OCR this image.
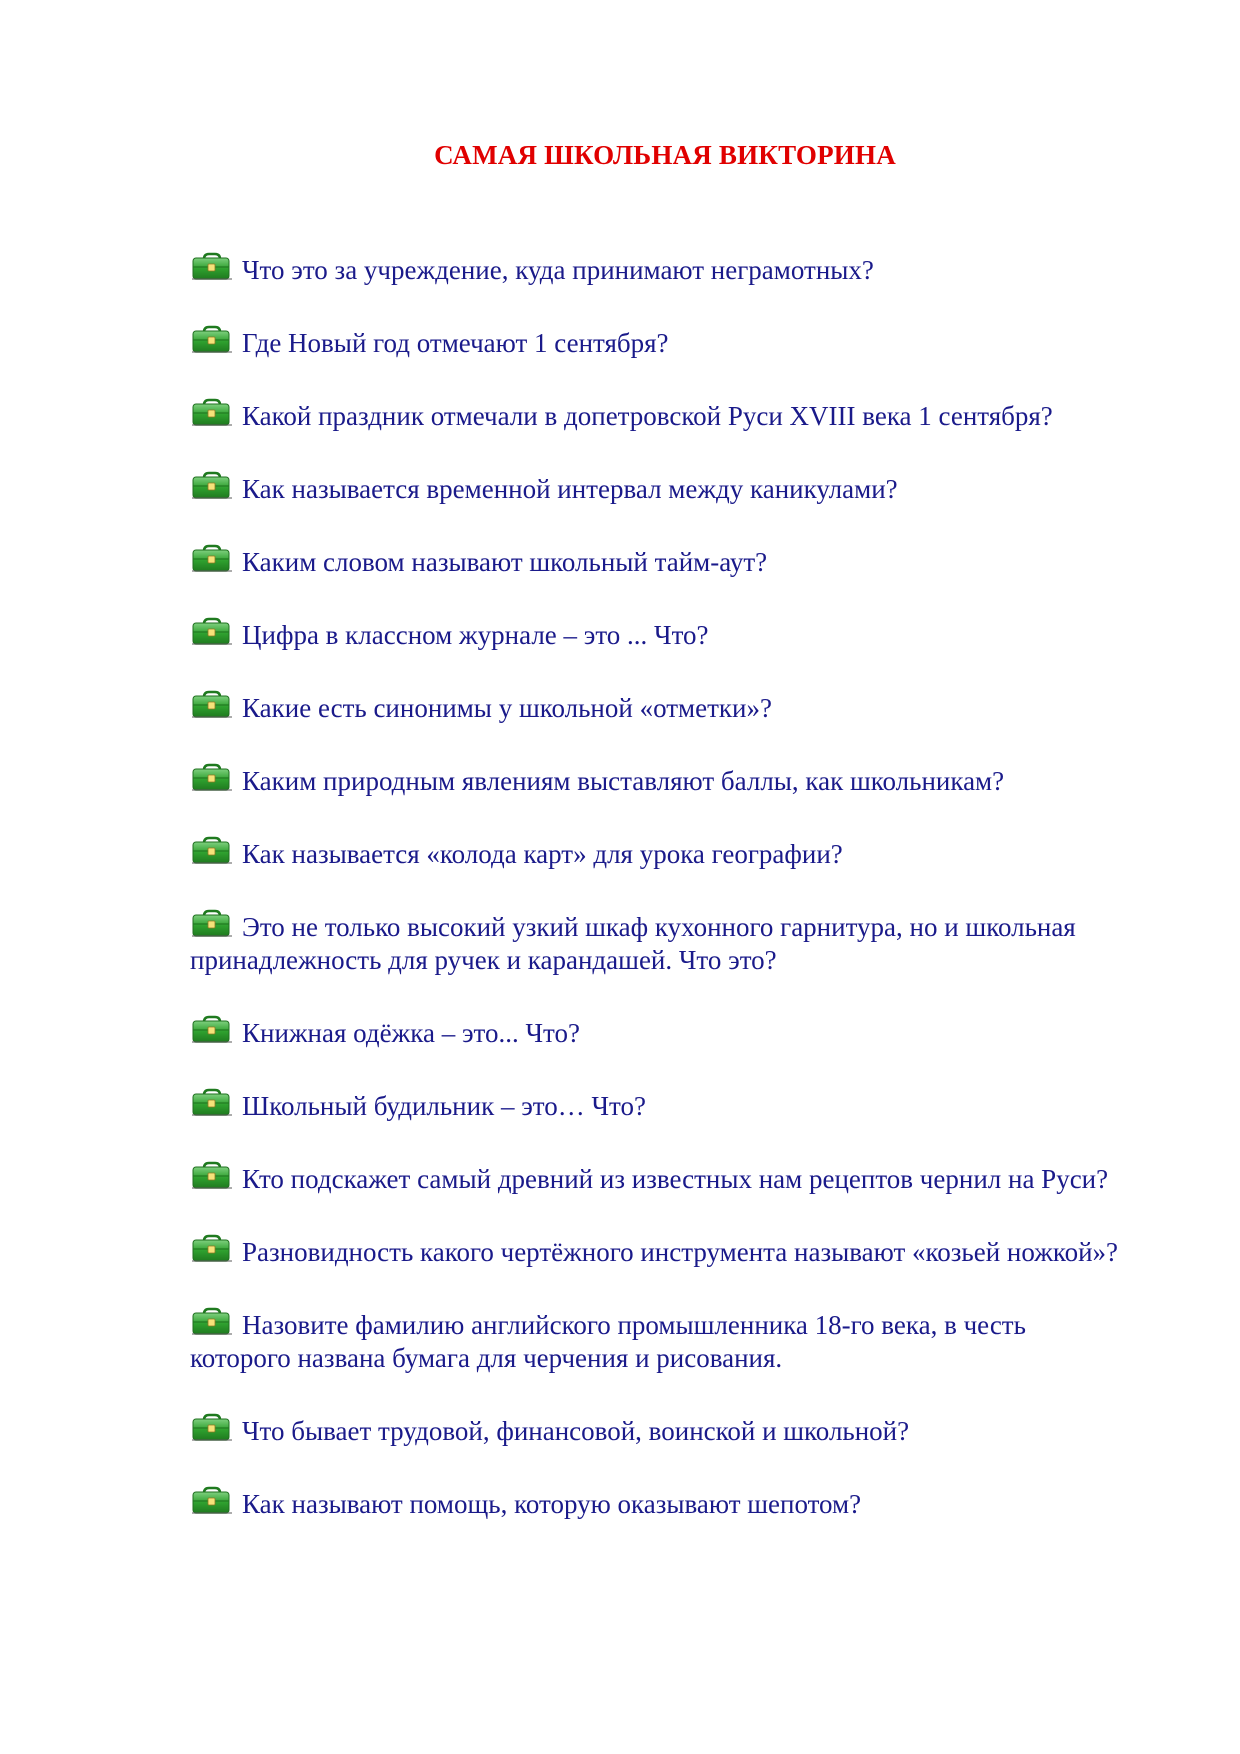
САМАЯ ШКОЛЬНАЯ ВИКТОРИНА
Что это за учреждение, куда принимают неграмотных?
Где Новый год отмечают 1 сентября?
Какой праздник отмечали в допетровской Руси XVIII века 1 сентября?
Как называется временной интервал между каникулами?
Каким словом называют школьный тайм-аут?
Цифра в классном журнале – это ... Что?
Какие есть синонимы у школьной «отметки»?
Каким природным явлениям выставляют баллы, как школьникам?
Как называется «колода карт» для урока географии?
Это не только высокий узкий шкаф кухонного гарнитура, но и школьная принадлежность для ручек и карандашей. Что это?
Книжная одёжка – это... Что?
Школьный будильник – это… Что?
Кто подскажет самый древний из известных нам рецептов чернил на Руси?
Разновидность какого чертёжного инструмента называют «козьей ножкой»?
Назовите фамилию английского промышленника 18-го века, в честь которого названа бумага для черчения и рисования.
Что бывает трудовой, финансовой, воинской и школьной?
Как называют помощь, которую оказывают шепотом?
